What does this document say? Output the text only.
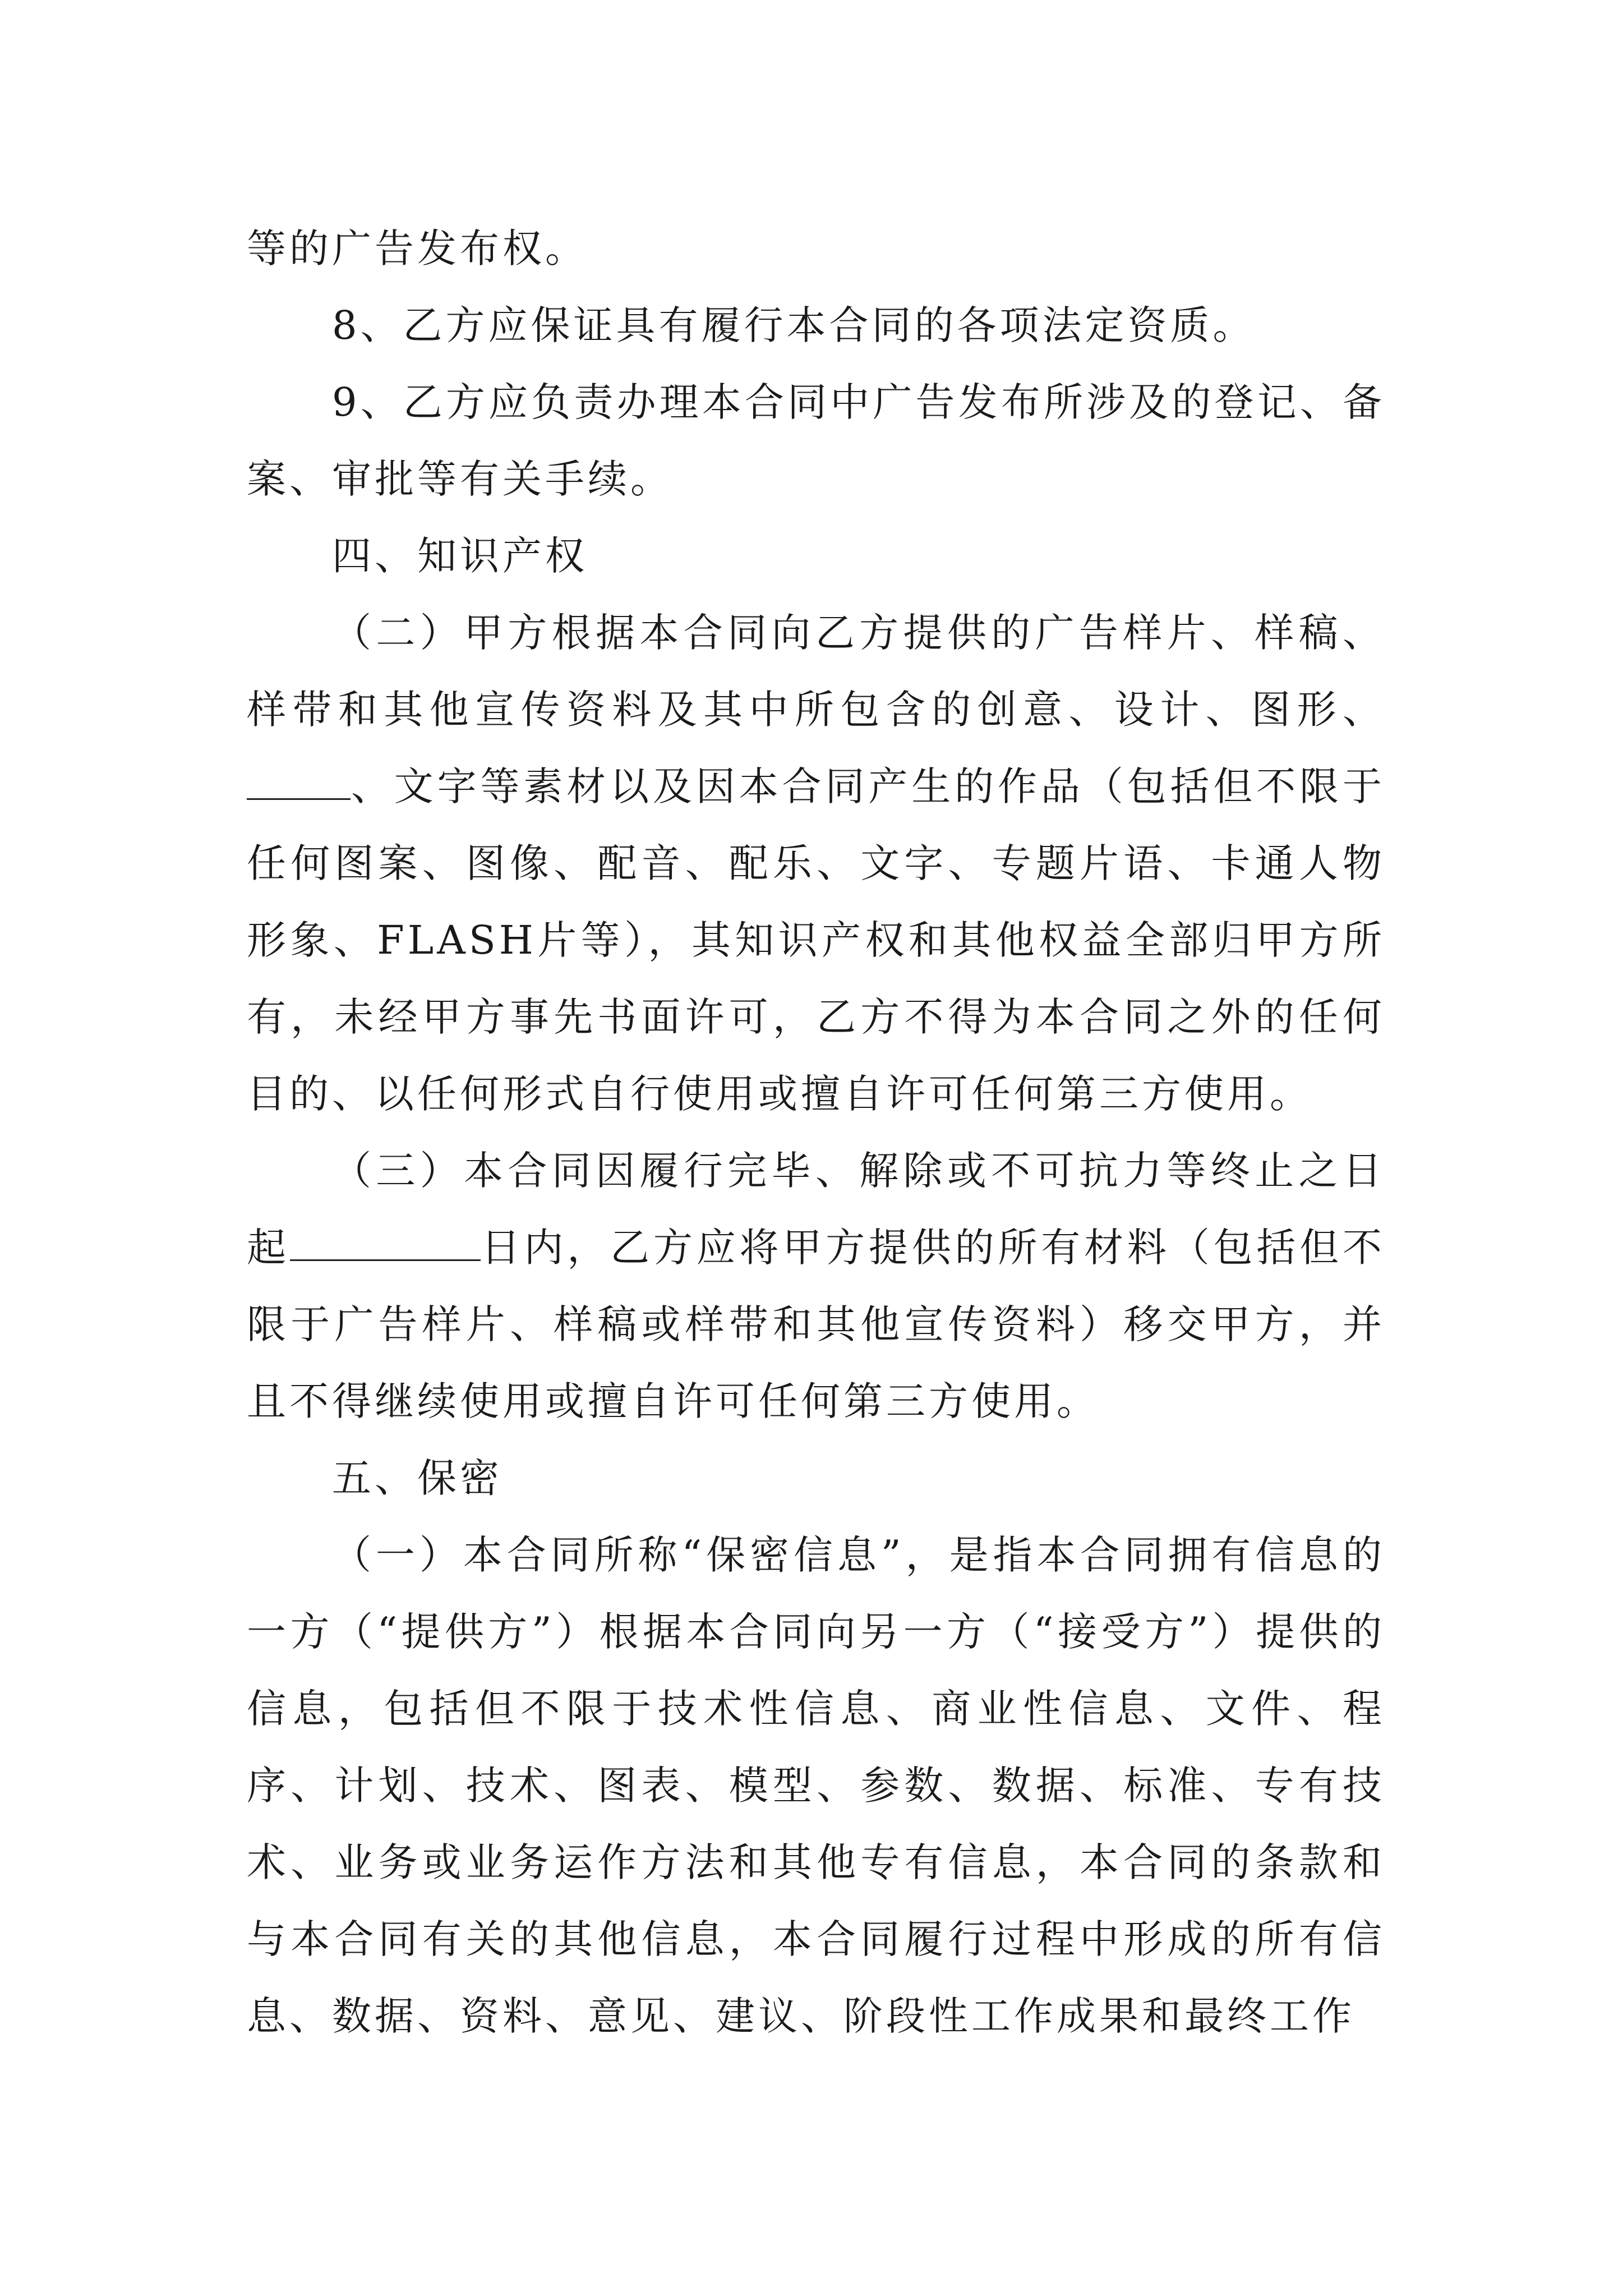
等的广告发布权。

8、乙方应保证具有履行本合同的各项法定资质。

9、乙方应负责办理本合同中广告发布所涉及的登记、备案、审批等有关手续。

四、知识产权

（二）甲方根据本合同向乙方提供的广告样片、样稿、样带和其他宣传资料及其中所包含的创意、设计、图形、、文字等素材以及因本合同产生的作品（包括但不限于任何图案、图像、配音、配乐、文字、专题片语、卡通人物形象、FLASH片等），其知识产权和其他权益全部归甲方所有，未经甲方事先书面许可，乙方不得为本合同之外的任何目的、以任何形式自行使用或擅自许可任何第三方使用。

（三）本合同因履行完毕、解除或不可抗力等终止之日起	日内，乙方应将甲方提供的所有材料（包括但不限于广告样片、样稿或样带和其他宣传资料）移交甲方，并且不得继续使用或擅自许可任何第三方使用。

五、保密

（一）本合同所称“保密信息”，是指本合同拥有信息的一方（“提供方”）根据本合同向另一方（“接受方”）提供的信息，包括但不限于技术性信息、商业性信息、文件、程序、计划、技术、图表、模型、参数、数据、标准、专有技术、业务或业务运作方法和其他专有信息，本合同的条款和与本合同有关的其他信息，本合同履行过程中形成的所有信息、数据、资料、意见、建议、阶段性工作成果和最终工作
